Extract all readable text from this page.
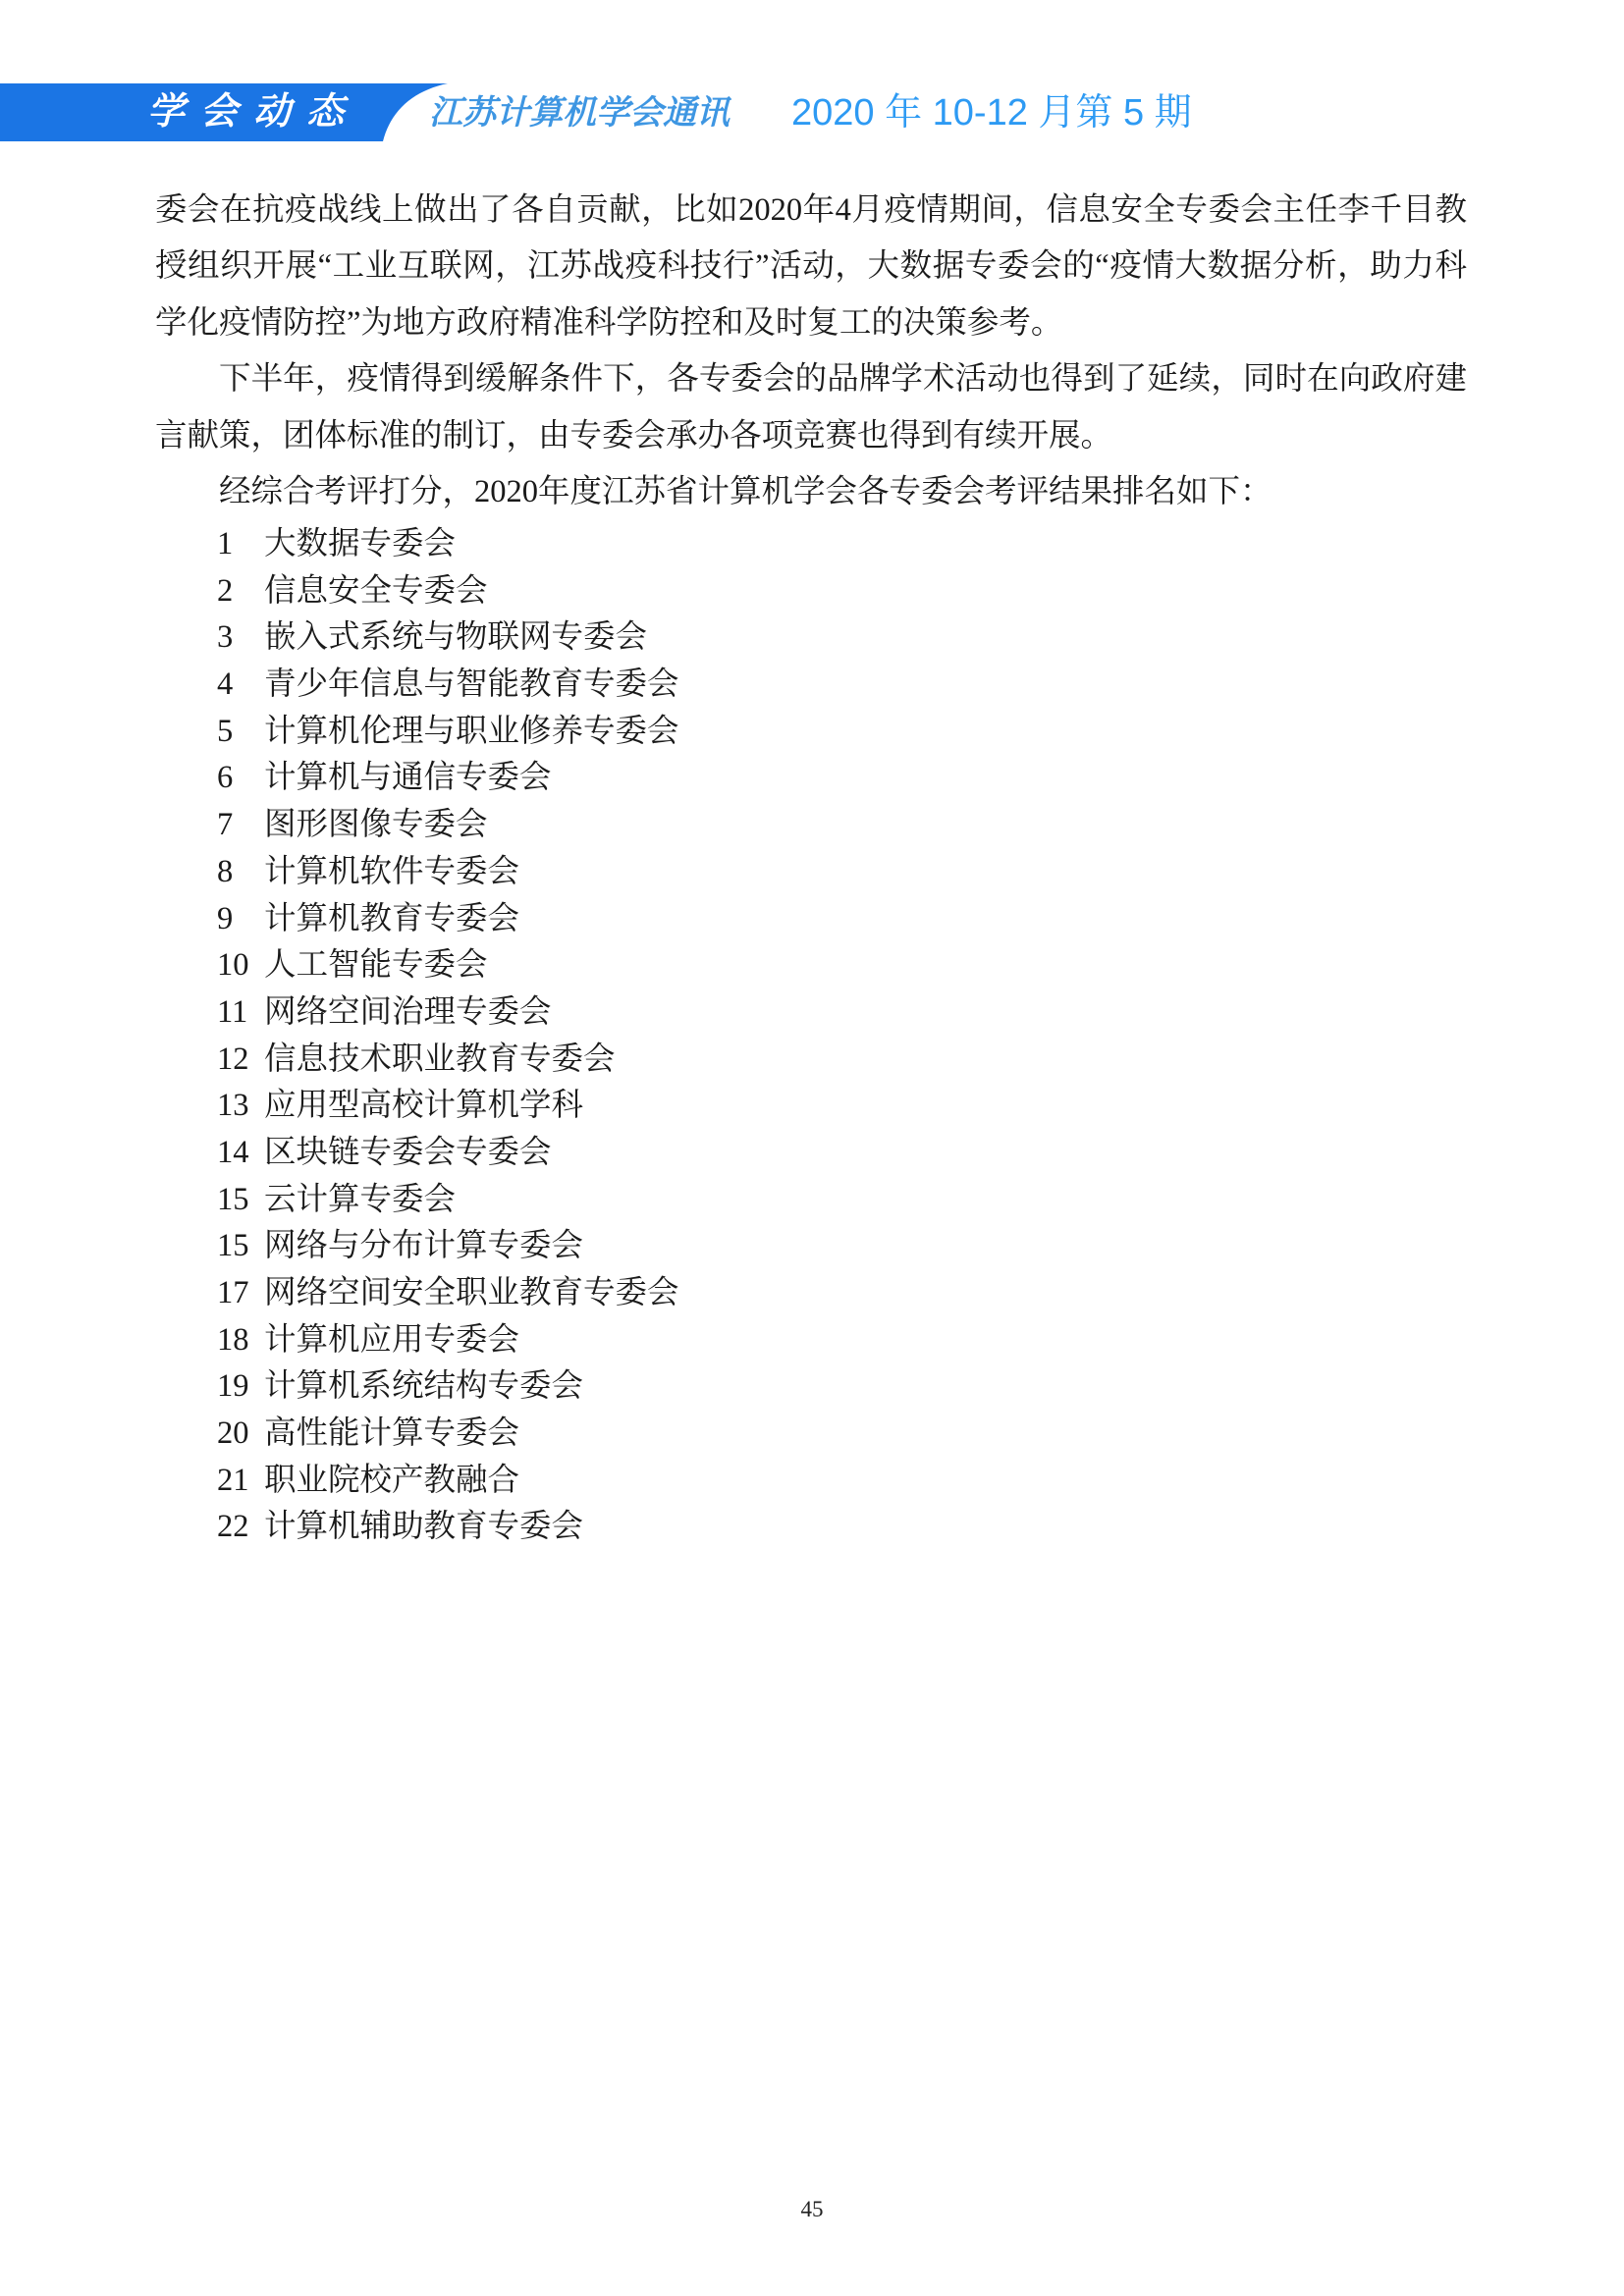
学会动态 江苏计算机学会通讯 2020 年 10-12 月第 5 期

委会在抗疫战线上做出了各自贡献，比如2020年4月疫情期间，信息安全专委会主任李千目教授组织开展“工业互联网，江苏战疫科技行”活动，大数据专委会的“疫情大数据分析，助力科学化疫情防控”为地方政府精准科学防控和及时复工的决策参考。

下半年，疫情得到缓解条件下，各专委会的品牌学术活动也得到了延续，同时在向政府建言献策，团体标准的制订，由专委会承办各项竞赛也得到有续开展。

经综合考评打分，2020年度江苏省计算机学会各专委会考评结果排名如下：

1 大数据专委会
2 信息安全专委会
3 嵌入式系统与物联网专委会
4 青少年信息与智能教育专委会
5 计算机伦理与职业修养专委会
6 计算机与通信专委会
7 图形图像专委会
8 计算机软件专委会
9 计算机教育专委会
10 人工智能专委会
11 网络空间治理专委会
12 信息技术职业教育专委会
13 应用型高校计算机学科
14 区块链专委会专委会
15 云计算专委会
15 网络与分布计算专委会
17 网络空间安全职业教育专委会
18 计算机应用专委会
19 计算机系统结构专委会
20 高性能计算专委会
21 职业院校产教融合
22 计算机辅助教育专委会
45
